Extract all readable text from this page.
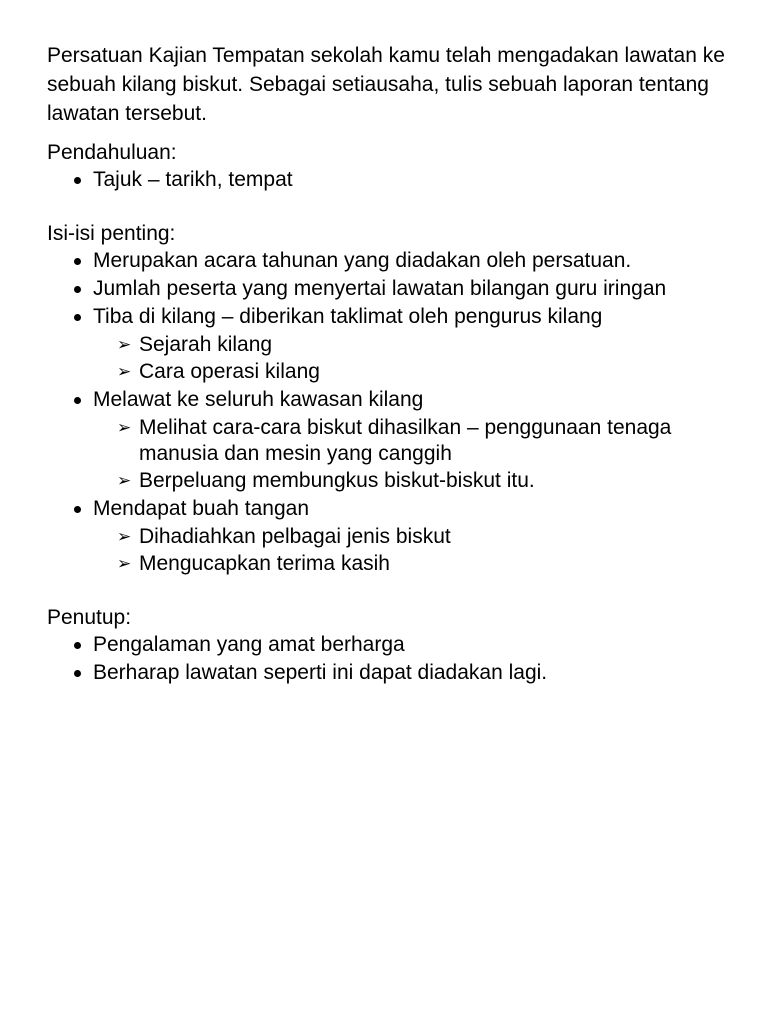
Persatuan Kajian Tempatan sekolah kamu telah mengadakan lawatan ke sebuah kilang biskut. Sebagai setiausaha, tulis sebuah laporan tentang lawatan tersebut.

Pendahuluan:

Tajuk – tarikh, tempat

Isi-isi penting:

Merupakan acara tahunan yang diadakan oleh persatuan.
Jumlah peserta yang menyertai lawatan bilangan guru iringan
Tiba di kilang – diberikan taklimat oleh pengurus kilang
➢ Sejarah kilang
➢ Cara operasi kilang
Melawat ke seluruh kawasan kilang
➢ Melihat cara-cara biskut dihasilkan – penggunaan tenaga manusia dan mesin yang canggih
➢ Berpeluang membungkus biskut-biskut itu.
Mendapat buah tangan
➢ Dihadiahkan pelbagai jenis biskut
➢ Mengucapkan terima kasih

Penutup:

Pengalaman yang amat berharga
Berharap lawatan seperti ini dapat diadakan lagi.
